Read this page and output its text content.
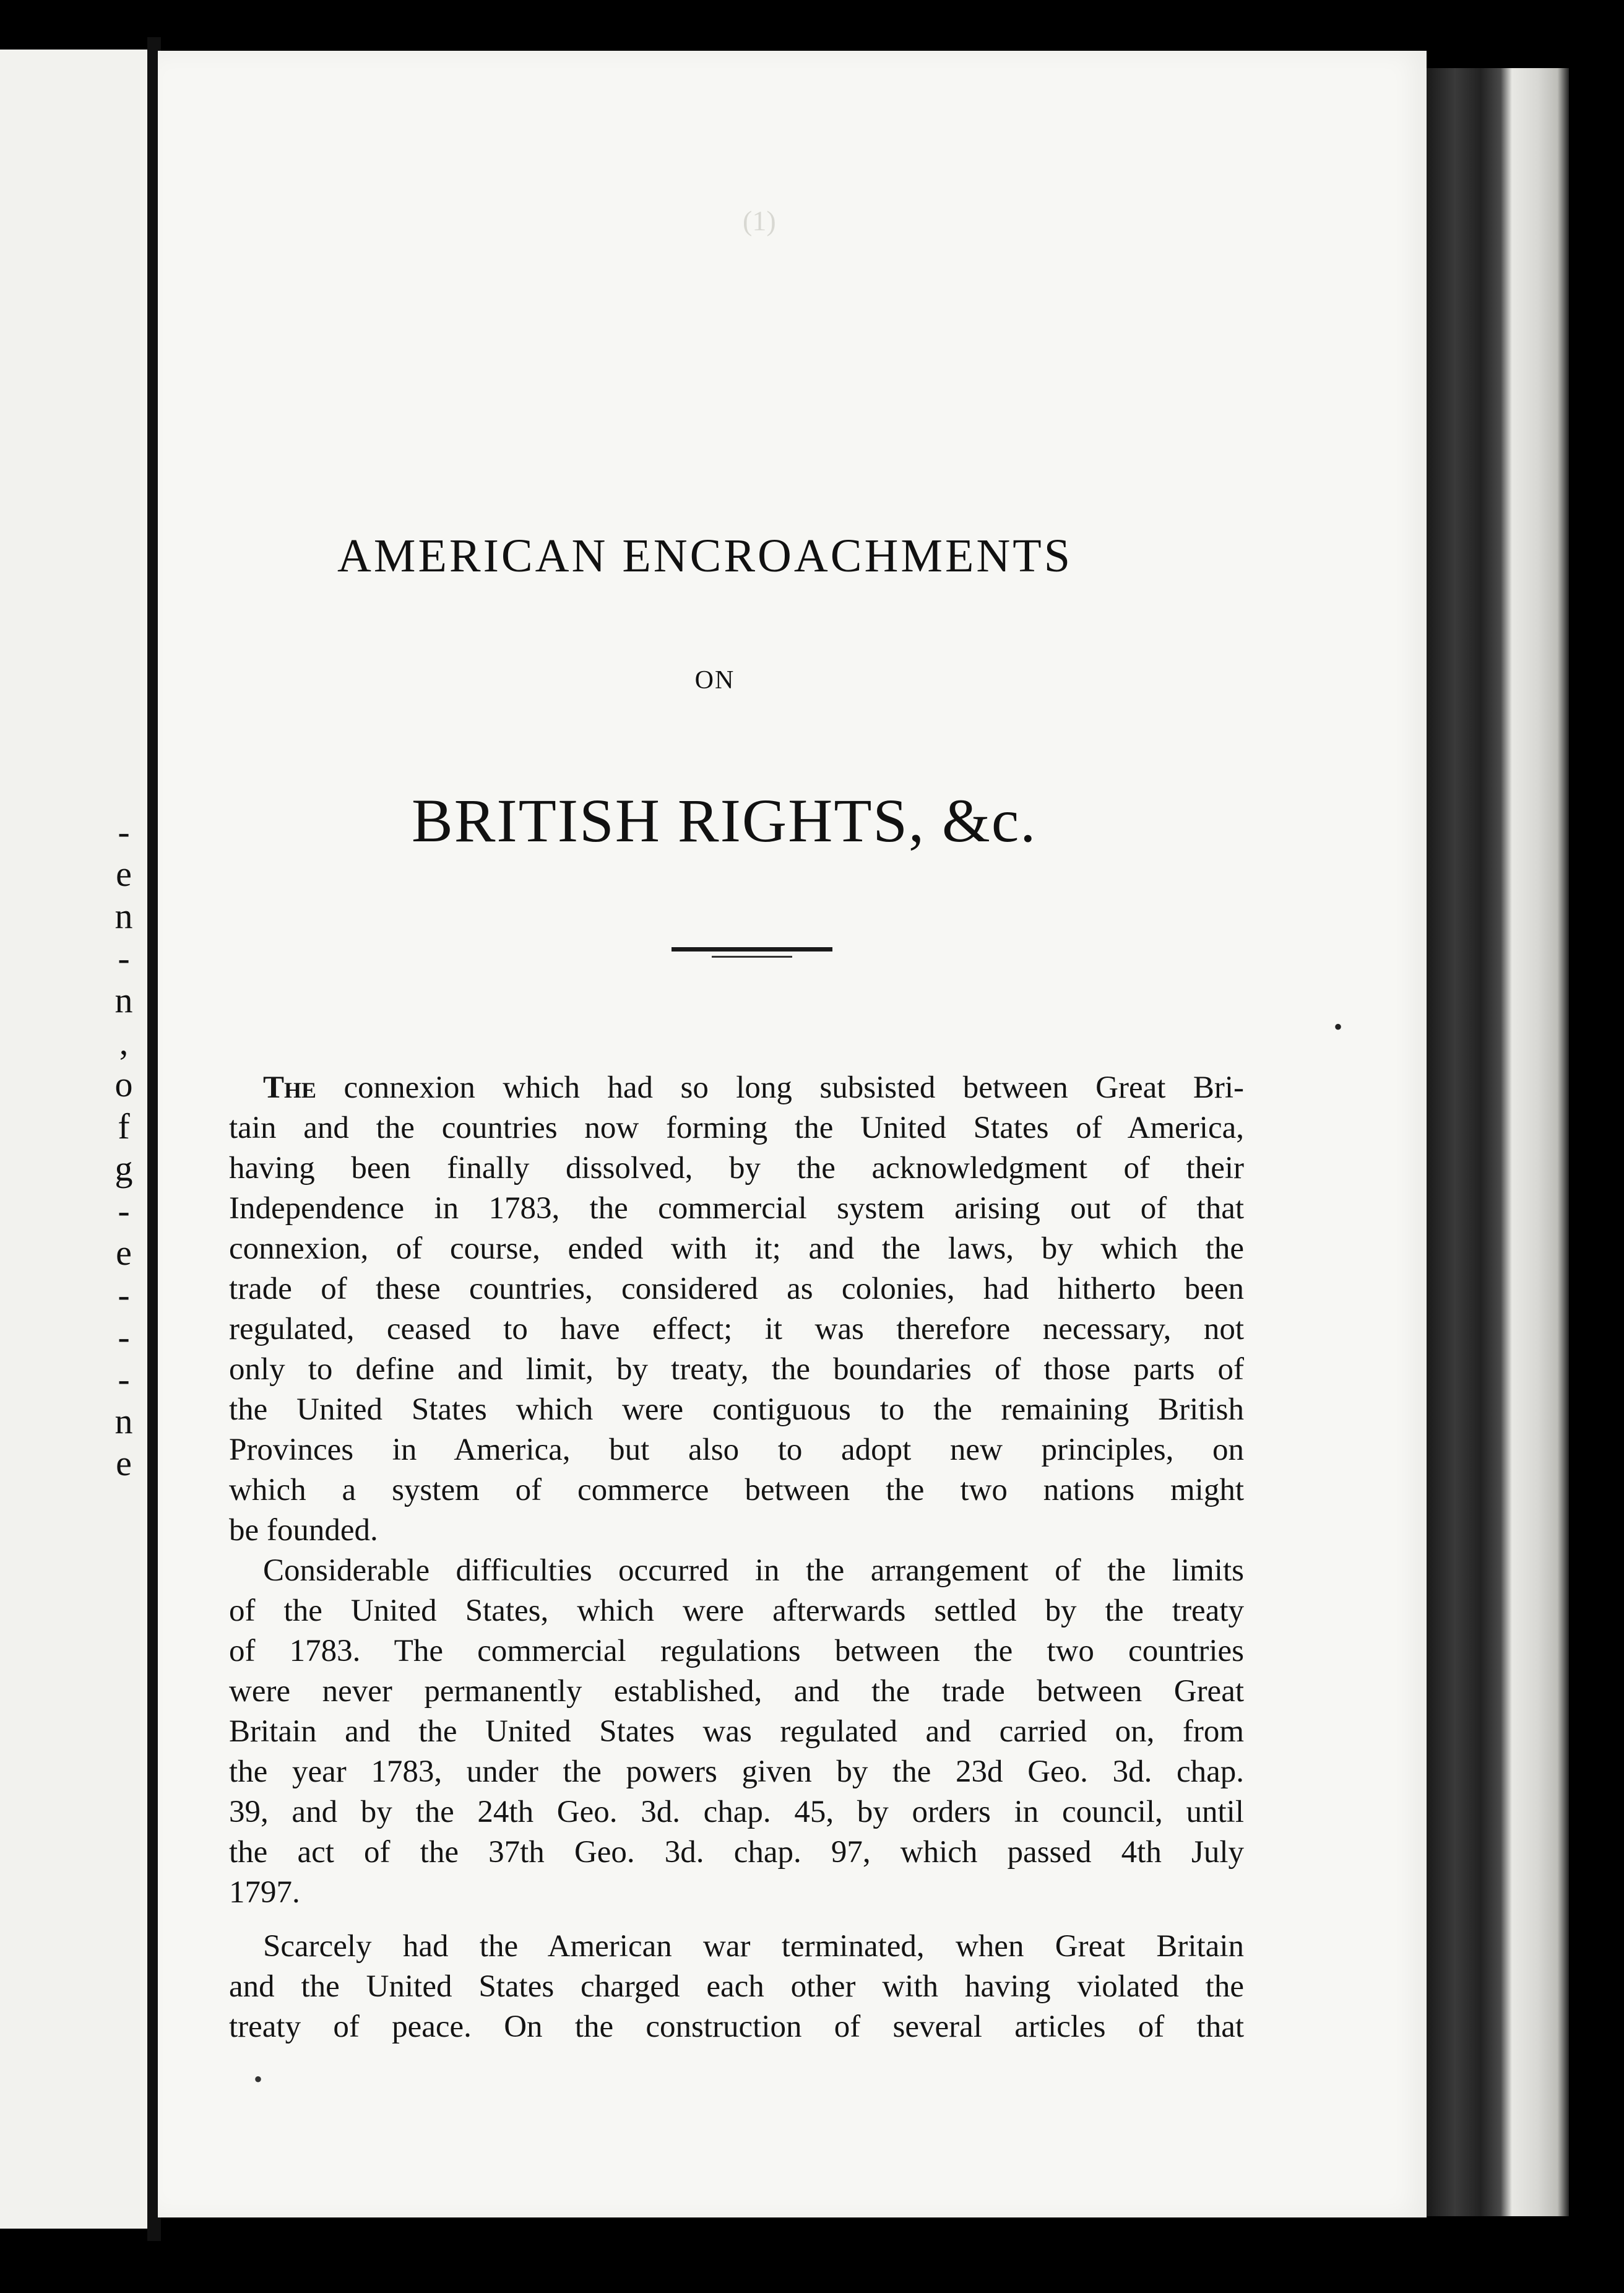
-
e
n
-
n
,
o
f
g
-
e
-
-
-
n
e
(1)
AMERICAN ENCROACHMENTS
ON
BRITISH RIGHTS, &c.
The connexion which had so long subsisted between Great Bri-
tain and the countries now forming the United States of America,
having been finally dissolved, by the acknowledgment of their
Independence in 1783, the commercial system arising out of that
connexion, of course, ended with it; and the laws, by which the
trade of these countries, considered as colonies, had hitherto been
regulated, ceased to have effect; it was therefore necessary, not
only to define and limit, by treaty, the boundaries of those parts of
the United States which were contiguous to the remaining British
Provinces in America, but also to adopt new principles, on
which a system of commerce between the two nations might
be founded.
Considerable difficulties occurred in the arrangement of the limits
of the United States, which were afterwards settled by the treaty
of 1783. The commercial regulations between the two countries
were never permanently established, and the trade between Great
Britain and the United States was regulated and carried on, from
the year 1783, under the powers given by the 23d Geo. 3d. chap.
39, and by the 24th Geo. 3d. chap. 45, by orders in council, until
the act of the 37th Geo. 3d. chap. 97, which passed 4th July
1797.
Scarcely had the American war terminated, when Great Britain
and the United States charged each other with having violated the
treaty of peace. On the construction of several articles of that
•
•
